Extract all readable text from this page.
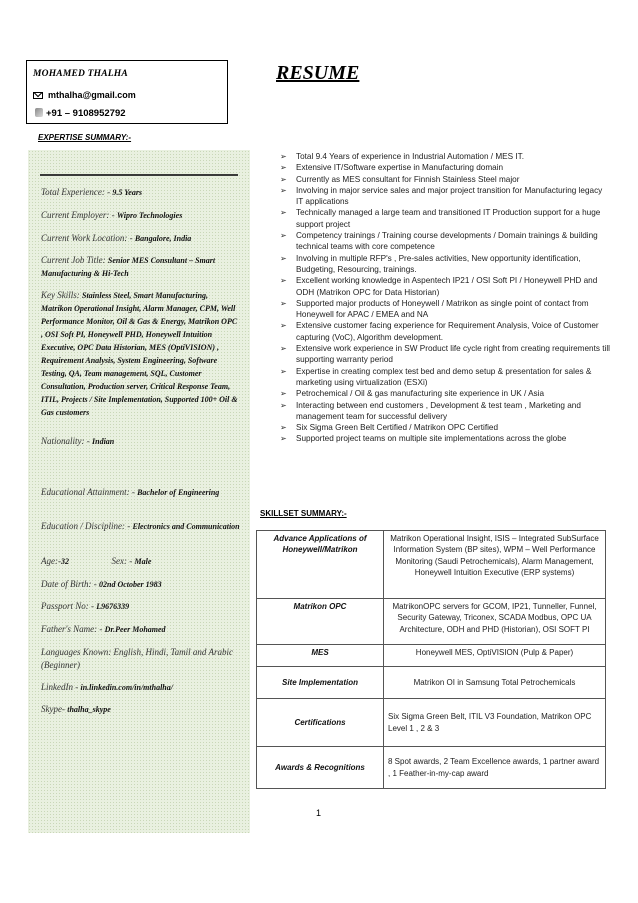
MOHAMED THALHA
mthalha@gmail.com
+91 – 9108952792
RESUME
EXPERTISE SUMMARY:-
Total Experience: - 9.5 Years
Current Employer: - Wipro Technologies
Current Work Location: - Bangalore, India
Current Job Title: Senior MES Consultant – Smart Manufacturing & Hi-Tech
Key Skills: Stainless Steel, Smart Manufacturing, Matrikon Operational Insight, Alarm Manager, CPM, Well Performance Monitor, Oil & Gas & Energy, Matrikon OPC , OSI Soft PI, Honeywell PHD, Honeywell Intuition Executive, OPC Data Historian, MES (OptiVISION) , Requirement Analysis, System Engineering, Software Testing, QA, Team management, SQL, Customer Consultation, Production server, Critical Response Team, ITIL, Projects / Site Implementation, Supported 100+ Oil & Gas customers
Nationality: - Indian
Educational Attainment: - Bachelor of Engineering
Education / Discipline: - Electronics and Communication
Age:-32	Sex: - Male
Date of Birth: - 02nd October 1983
Passport No: - L9676339
Father's Name: - Dr.Peer Mohamed
Languages Known: English, Hindi, Tamil and Arabic (Beginner)
LinkedIn - in.linkedin.com/in/mthalha/
Skype- thalha_skype
➢ Total 9.4 Years of experience in Industrial Automation / MES IT.
➢ Extensive IT/Software expertise in Manufacturing domain
➢ Currently as MES consultant for Finnish Stainless Steel major
➢ Involving in major service sales and major project transition for Manufacturing legacy IT applications
➢ Technically managed a large team and transitioned IT Production support for a huge support project
➢ Competency trainings / Training course developments / Domain trainings & building technical teams with core competence
➢ Involving in multiple RFP's , Pre-sales activities, New opportunity identification, Budgeting, Resourcing, trainings.
➢ Excellent working knowledge in Aspentech IP21 / OSI Soft PI / Honeywell PHD and ODH (Matrikon OPC for Data Historian)
➢ Supported major products of Honeywell / Matrikon as single point of contact from Honeywell for APAC / EMEA and NA
➢ Extensive customer facing experience for Requirement Analysis, Voice of Customer capturing (VoC), Algorithm development.
➢ Extensive work experience in SW Product life cycle right from creating requirements till supporting warranty period
➢ Expertise in creating complex test bed and demo setup & presentation for sales & marketing using virtualization (ESXi)
➢ Petrochemical / Oil & gas manufacturing site experience in UK / Asia
➢ Interacting between end customers , Development & test team , Marketing and management team for successful delivery
➢ Six Sigma Green Belt Certified / Matrikon OPC Certified
➢ Supported project teams on multiple site implementations across the globe
SKILLSET SUMMARY:-
Advance Applications of Honeywell/Matrikon	Matrikon Operational Insight, ISIS – Integrated SubSurface Information System (BP sites), WPM – Well Performance Monitoring (Saudi Petrochemicals), Alarm Management, Honeywell Intuition Executive (ERP systems)
Matrikon OPC	MatrikonOPC servers for GCOM, IP21, Tunneller, Funnel, Security Gateway, Triconex, SCADA Modbus, OPC UA Architecture, ODH and PHD (Historian), OSI SOFT PI
MES	Honeywell MES, OptiVISION (Pulp & Paper)
Site Implementation	Matrikon OI in Samsung Total Petrochemicals
Certifications	Six Sigma Green Belt, ITIL V3 Foundation, Matrikon OPC Level 1 , 2 & 3
Awards & Recognitions	8 Spot awards, 2 Team Excellence awards, 1 partner award , 1 Feather-in-my-cap award
1
